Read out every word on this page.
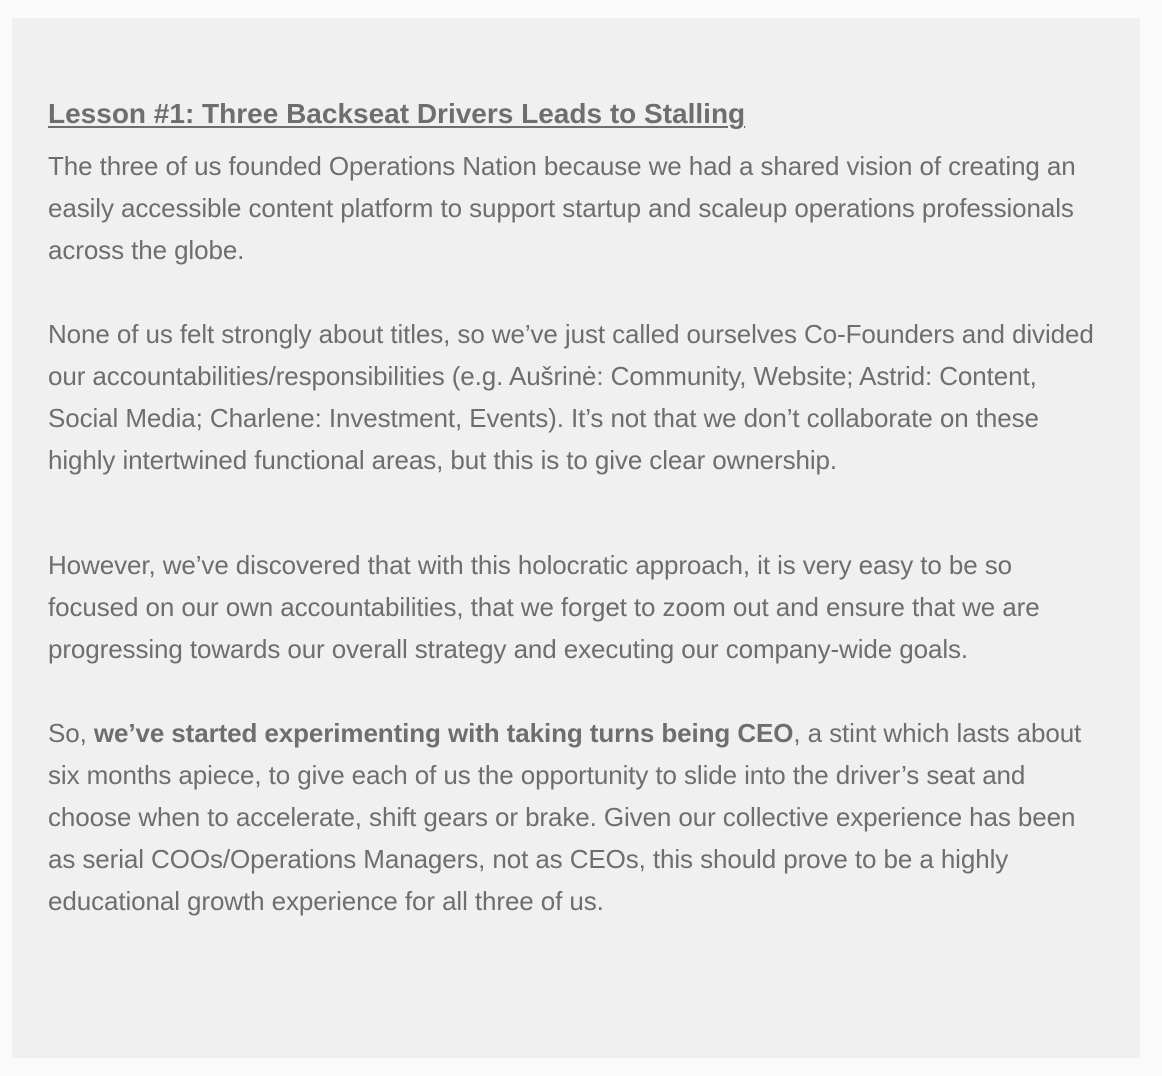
Lesson #1: Three Backseat Drivers Leads to Stalling

The three of us founded Operations Nation because we had a shared vision of creating an easily accessible content platform to support startup and scaleup operations professionals across the globe.

None of us felt strongly about titles, so we’ve just called ourselves Co-Founders and divided our accountabilities/responsibilities (e.g. Aušrinė: Community, Website; Astrid: Content, Social Media; Charlene: Investment, Events). It’s not that we don’t collaborate on these highly intertwined functional areas, but this is to give clear ownership.

However, we’ve discovered that with this holocratic approach, it is very easy to be so focused on our own accountabilities, that we forget to zoom out and ensure that we are progressing towards our overall strategy and executing our company-wide goals.

So, we’ve started experimenting with taking turns being CEO, a stint which lasts about six months apiece, to give each of us the opportunity to slide into the driver’s seat and choose when to accelerate, shift gears or brake. Given our collective experience has been as serial COOs/Operations Managers, not as CEOs, this should prove to be a highly educational growth experience for all three of us.
